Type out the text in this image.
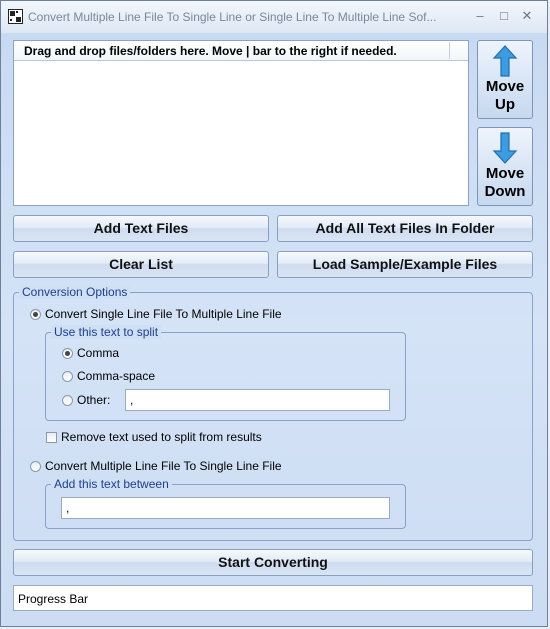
Convert Multiple Line File To Single Line or Single Line To Multiple Line Sof...	–	□	✕
Drag and drop files/folders here. Move | bar to the right if needed.
Move
Up
Move
Down
Add Text Files	Add All Text Files In Folder
Clear List	Load Sample/Example Files
Conversion Options
Convert Single Line File To Multiple Line File
Use this text to split
Comma
Comma-space
Other:	,
Remove text used to split from results
Convert Multiple Line File To Single Line File
Add this text between
,
Start Converting
Progress Bar
